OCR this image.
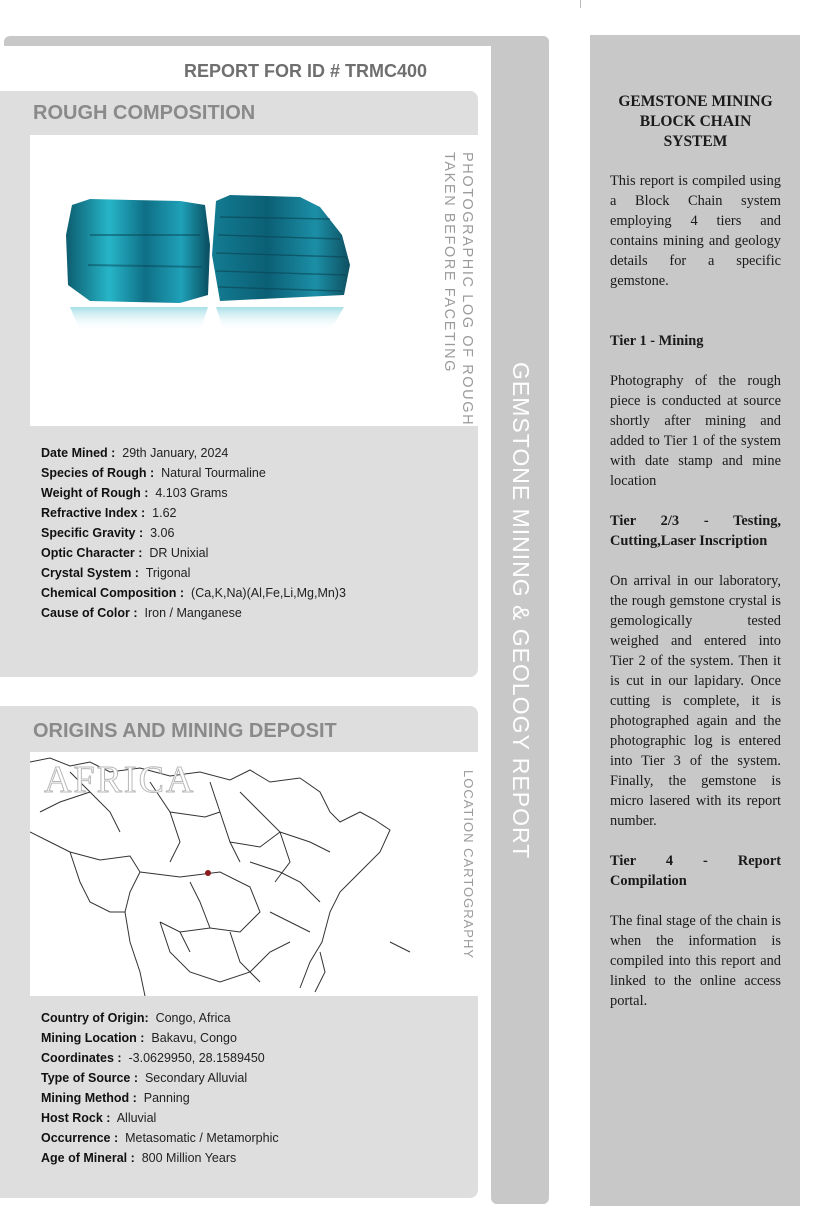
GEMSTONE MINING & GEOLOGY REPORT
REPORT FOR ID # TRMC400
ROUGH COMPOSITION
PHOTOGRAPHIC LOG OF ROUGH
TAKEN BEFORE FACETING
Date Mined : 29th January, 2024
Species of Rough : Natural Tourmaline
Weight of Rough : 4.103 Grams
Refractive Index : 1.62
Specific Gravity : 3.06
Optic Character : DR Unixial
Crystal System : Trigonal
Chemical Composition : (Ca,K,Na)(Al,Fe,Li,Mg,Mn)3
Cause of Color : Iron / Manganese
ORIGINS AND MINING DEPOSIT
AFRICA	LOCATION CARTOGRAPHY
Country of Origin: Congo, Africa
Mining Location : Bakavu, Congo
Coordinates : -3.0629950, 28.1589450
Type of Source : Secondary Alluvial
Mining Method : Panning
Host Rock : Alluvial
Occurrence : Metasomatic / Metamorphic
Age of Mineral : 800 Million Years
GEMSTONE MINING BLOCK CHAIN SYSTEM

This report is compiled using a Block Chain system employing 4 tiers and contains mining and geology details for a specific gemstone.

Tier 1 - Mining

Photography of the rough piece is conducted at source shortly after mining and added to Tier 1 of the system with date stamp and mine location

Tier 2/3 - Testing, Cutting,Laser Inscription

On arrival in our laboratory, the rough gemstone crystal is gemologically tested weighed and entered into Tier 2 of the system. Then it is cut in our lapidary. Once cutting is complete, it is photographed again and the photographic log is entered into Tier 3 of the system. Finally, the gemstone is micro lasered with its report number.

Tier 4 - Report Compilation

The final stage of the chain is when the information is compiled into this report and linked to the online access portal.
